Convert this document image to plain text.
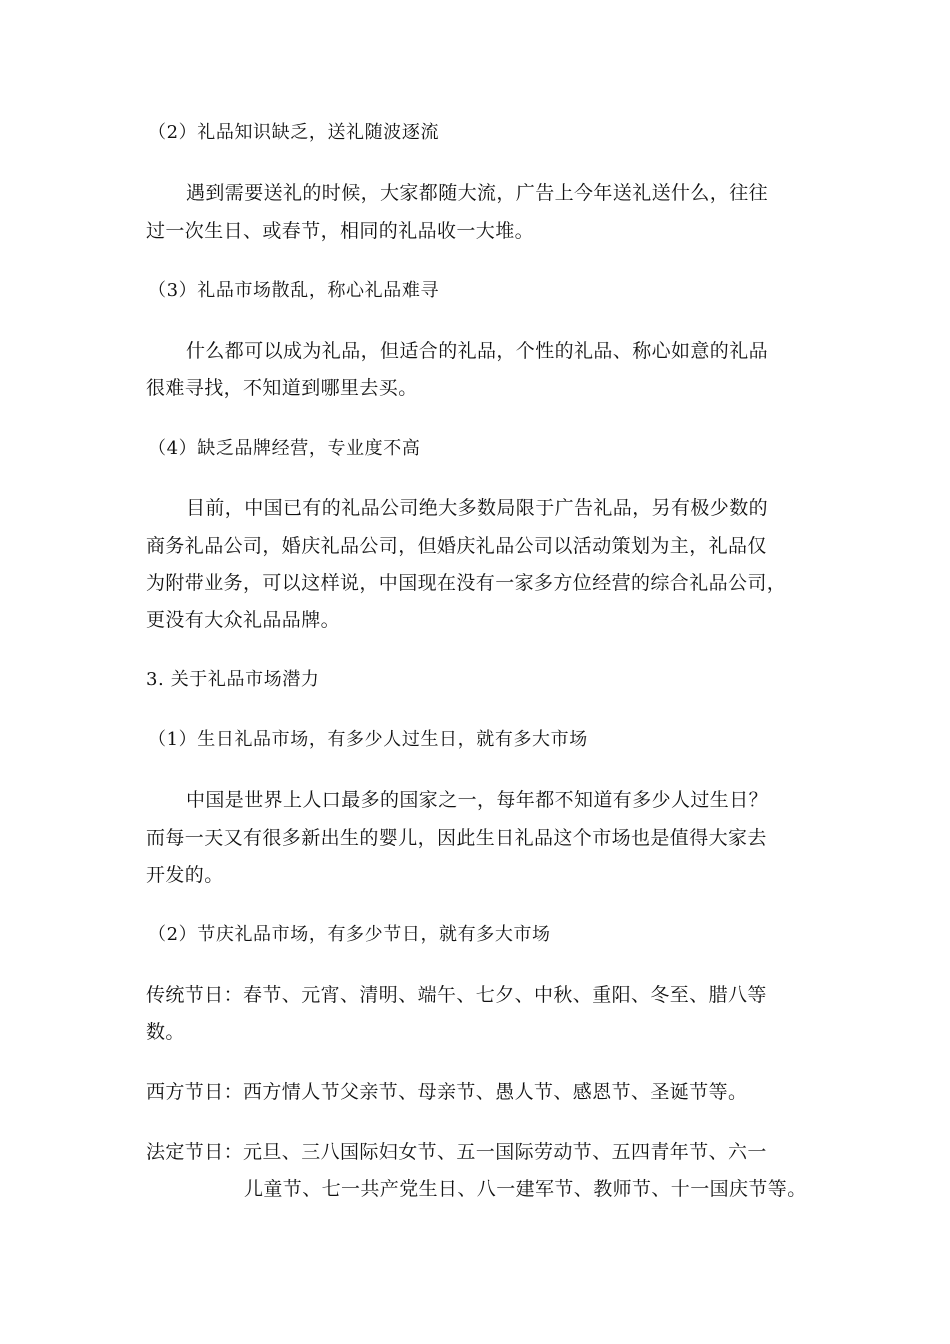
（2）礼品知识缺乏，送礼随波逐流
遇到需要送礼的时候，大家都随大流，广告上今年送礼送什么，往往
过一次生日、或春节，相同的礼品收一大堆。
（3）礼品市场散乱，称心礼品难寻
什么都可以成为礼品，但适合的礼品，个性的礼品、称心如意的礼品
很难寻找，不知道到哪里去买。
（4）缺乏品牌经营，专业度不高
目前，中国已有的礼品公司绝大多数局限于广告礼品，另有极少数的
商务礼品公司，婚庆礼品公司，但婚庆礼品公司以活动策划为主，礼品仅
为附带业务，可以这样说，中国现在没有一家多方位经营的综合礼品公司，
更没有大众礼品品牌。
3. 关于礼品市场潜力
（1）生日礼品市场，有多少人过生日，就有多大市场
中国是世界上人口最多的国家之一，每年都不知道有多少人过生日？
而每一天又有很多新出生的婴儿，因此生日礼品这个市场也是值得大家去
开发的。
（2）节庆礼品市场，有多少节日，就有多大市场
传统节日：春节、元宵、清明、端午、七夕、中秋、重阳、冬至、腊八等
数。
西方节日：西方情人节父亲节、母亲节、愚人节、感恩节、圣诞节等。
法定节日：元旦、三八国际妇女节、五一国际劳动节、五四青年节、六一
儿童节、七一共产党生日、八一建军节、教师节、十一国庆节等。
